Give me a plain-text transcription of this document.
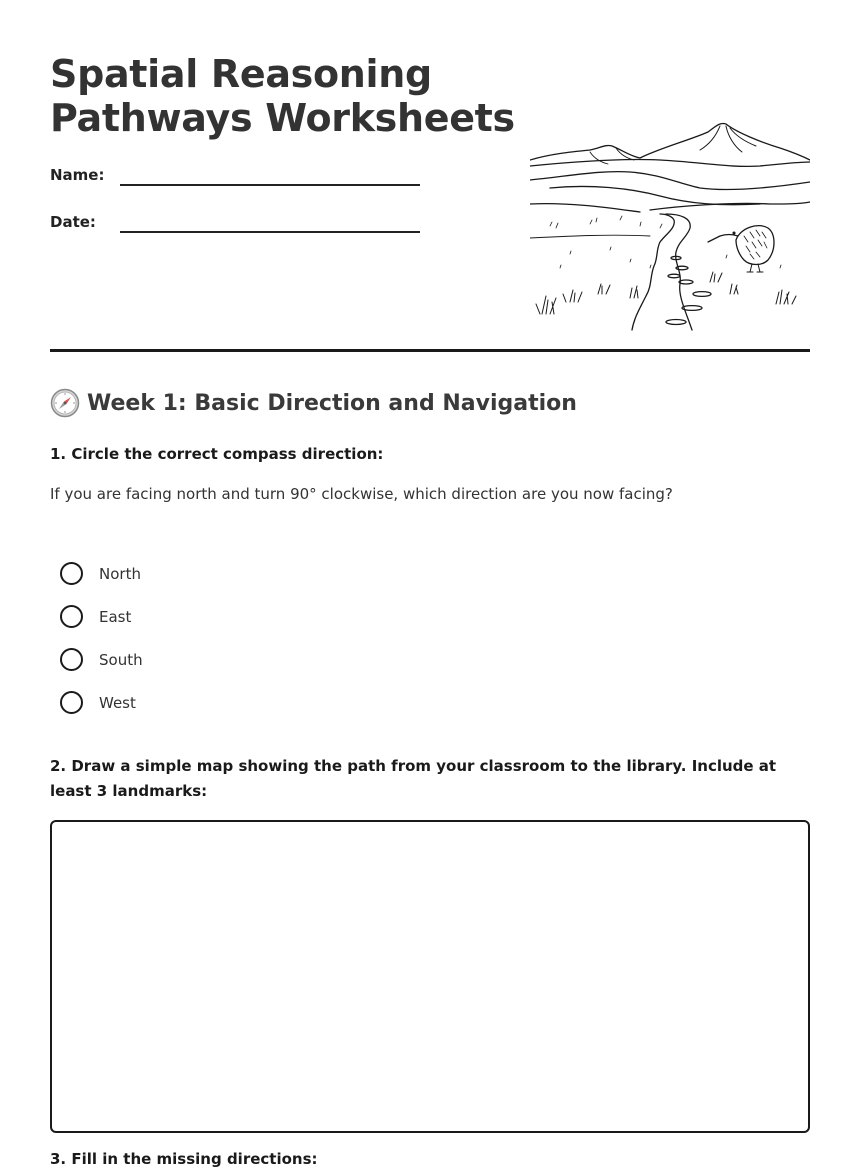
Spatial Reasoning
Pathways Worksheets
Name:
Date:
Week 1: Basic Direction and Navigation

1. Circle the correct compass direction:

If you are facing north and turn 90° clockwise, which direction are you now facing?

North
East
South
West

2. Draw a simple map showing the path from your classroom to the library. Include at least 3 landmarks:

3. Fill in the missing directions:
